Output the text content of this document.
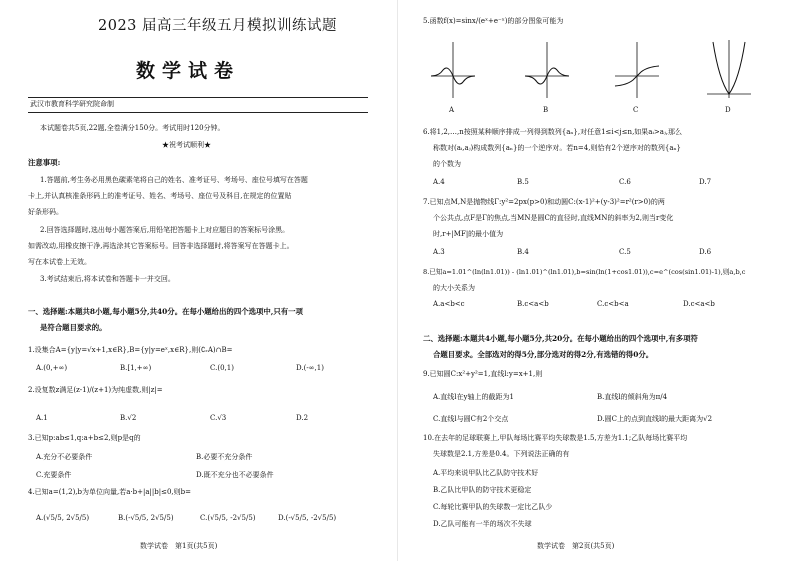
2023 届高三年级五月模拟训练试题
数学试卷
武汉市教育科学研究院命制
本试题卷共5页,22题,全卷满分150分。考试用时120分钟。
★祝考试顺利★
注意事项:
1.答题前,考生务必用黑色碳素笔将自己的姓名、准考证号、考场号、座位号填写在答题
卡上,并认真核准条形码上的准考证号、姓名、考场号、座位号及科目,在规定的位置贴
好条形码。
2.回答选择题时,选出每小题答案后,用铅笔把答题卡上对应题目的答案标号涂黑。
如需改动,用橡皮擦干净,再选涂其它答案标号。回答非选择题时,将答案写在答题卡上。
写在本试卷上无效。
3.考试结束后,将本试卷和答题卡一并交回。
一、选择题:本题共8小题,每小题5分,共40分。在每小题给出的四个选项中,只有一项
是符合题目要求的。
1.设集合A={y|y=√x+1,x∈R},B={y|y=eˣ,x∈R},则(∁ᵣA)∩B=
A.(0,+∞)	B.[1,+∞)	C.(0,1)	D.(-∞,1)
2.设复数z满足(z-1)/(z+1)为纯虚数,则|z|=
A.1	B.√2	C.√3	D.2
3.已知p:ab≤1,q:a+b≤2,则p是q的
A.充分不必要条件	B.必要不充分条件
C.充要条件	D.既不充分也不必要条件
4.已知a=(1,2),b为单位向量,若a·b+|a||b|≤0,则b=
A.(√5/5, 2√5/5)	B.(-√5/5, 2√5/5)	C.(√5/5, -2√5/5)	D.(-√5/5, -2√5/5)
数学试卷　第1页(共5页)
5.函数f(x)=sinx/(eˣ+e⁻ˣ)的部分图象可能为
A	B	C	D
6.将1,2,…,n按照某种顺序排成一列得到数列{aₙ},对任意1≤i<j≤n,如果aᵢ>aⱼ,那么
称数对(aᵢ,aⱼ)构成数列{aₙ}的一个逆序对。若n=4,则恰有2个逆序对的数列{aₙ}
的个数为
A.4	B.5	C.6	D.7
7.已知点M,N是抛物线Γ:y²=2px(p>0)和动圆C:(x-1)²+(y-3)²=r²(r>0)的两
个公共点,点F是Γ的焦点,当MN是圆C的直径时,直线MN的斜率为2,则当r变化
时,r+|MF|的最小值为
A.3	B.4	C.5	D.6
8.已知a=1.01^(ln(ln1.01)) - (ln1.01)^(ln1.01),b=sin(ln(1+cos1.01)),c=e^(cos(sin1.01)-1),则a,b,c
的大小关系为
A.a<b<c	B.c<a<b	C.c<b<a	D.c<a<b
二、选择题:本题共4小题,每小题5分,共20分。在每小题给出的四个选项中,有多项符
合题目要求。全部选对的得5分,部分选对的得2分,有选错的得0分。
9.已知圆C:x²+y²=1,直线l:y=x+1,则
A.直线l在y轴上的截距为1	B.直线l的倾斜角为π/4
C.直线l与圆C有2个交点	D.圆C上的点到直线l的最大距离为√2
10.在去年的足球联赛上,甲队每场比赛平均失球数是1.5,方差为1.1;乙队每场比赛平均
失球数是2.1,方差是0.4。下列说法正确的有
A.平均来说甲队比乙队防守技术好
B.乙队比甲队的防守技术更稳定
C.每轮比赛甲队的失球数一定比乙队少
D.乙队可能有一半的场次不失球
数学试卷　第2页(共5页)
